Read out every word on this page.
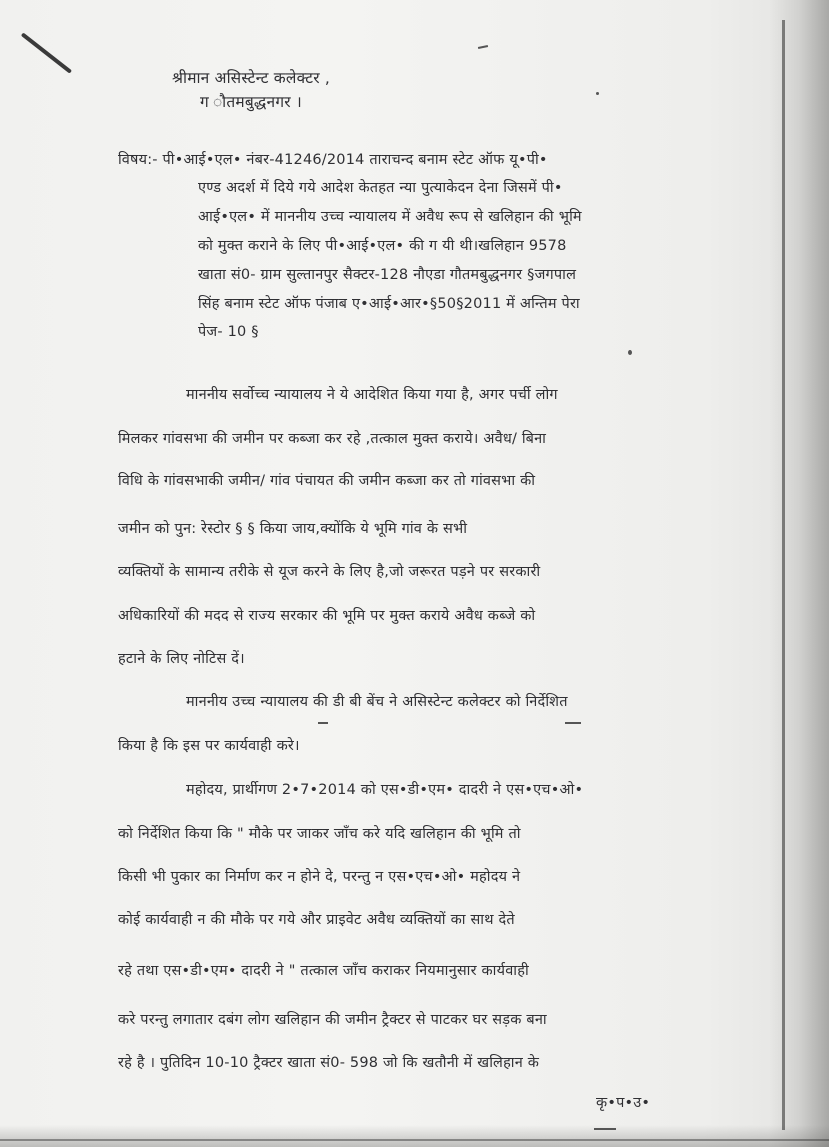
श्रीमान असिस्टेन्ट कलेक्टर ,
ग ौतमबुद्धनगर ।
विषय:- पी•आई•एल• नंबर-41246/2014 ताराचन्द बनाम स्टेट ऑफ यू•पी•
एण्ड अदर्श में दिये गये आदेश केतहत न्या पुत्याकेदन देना जिसमें पी•
आई•एल• में माननीय उच्च न्यायालय में अवैध रूप से खलिहान की भूमि
को मुक्त कराने के लिए पी•आई•एल• की ग यी थी।खलिहान 9578
खाता सं0- ग्राम सुल्तानपुर सैक्टर-128 नौएडा गौतमबुद्धनगर §जगपाल
सिंह बनाम स्टेट ऑफ पंजाब ए•आई•आर•§50§2011 में अन्तिम पेरा
पेज- 10 §
माननीय सर्वोच्च न्यायालय ने ये आदेशित किया गया है, अगर पर्ची लोग
मिलकर गांवसभा की जमीन पर कब्जा कर रहे ,तत्काल मुक्त कराये। अवैध/ बिना
विधि के गांवसभाकी जमीन/ गांव पंचायत की जमीन कब्जा कर तो गांवसभा की
जमीन को पुन: रेस्टोर § § किया जाय,क्योंकि ये भूमि गांव के सभी
व्यक्तियों के सामान्य तरीके से यूज करने के लिए है,जो जरूरत पड़ने पर सरकारी
अधिकारियों की मदद से राज्य सरकार की भूमि पर मुक्त कराये अवैध कब्जे को
हटाने के लिए नोटिस दें।
माननीय उच्च न्यायालय की डी बी बेंच ने असिस्टेन्ट कलेक्टर को निर्देशित
किया है कि इस पर कार्यवाही करे।
महोदय, प्रार्थीगण 2•7•2014 को एस•डी•एम• दादरी ने एस•एच•ओ•
को निर्देशित किया कि " मौके पर जाकर जाँच करे यदि खलिहान की भूमि तो
किसी भी पुकार का निर्माण कर न होने दे, परन्तु न एस•एच•ओ• महोदय ने
कोई कार्यवाही न की मौके पर गये और प्राइवेट अवैध व्यक्तियों का साथ देते
रहे तथा एस•डी•एम• दादरी ने " तत्काल जाँच कराकर नियमानुसार कार्यवाही
करे परन्तु लगातार दबंग लोग खलिहान की जमीन ट्रैक्टर से पाटकर घर सड़क बना
रहे है । पुतिदिन 10-10 ट्रैक्टर खाता सं0- 598 जो कि खतौनी में खलिहान के
कृ•प•उ•
